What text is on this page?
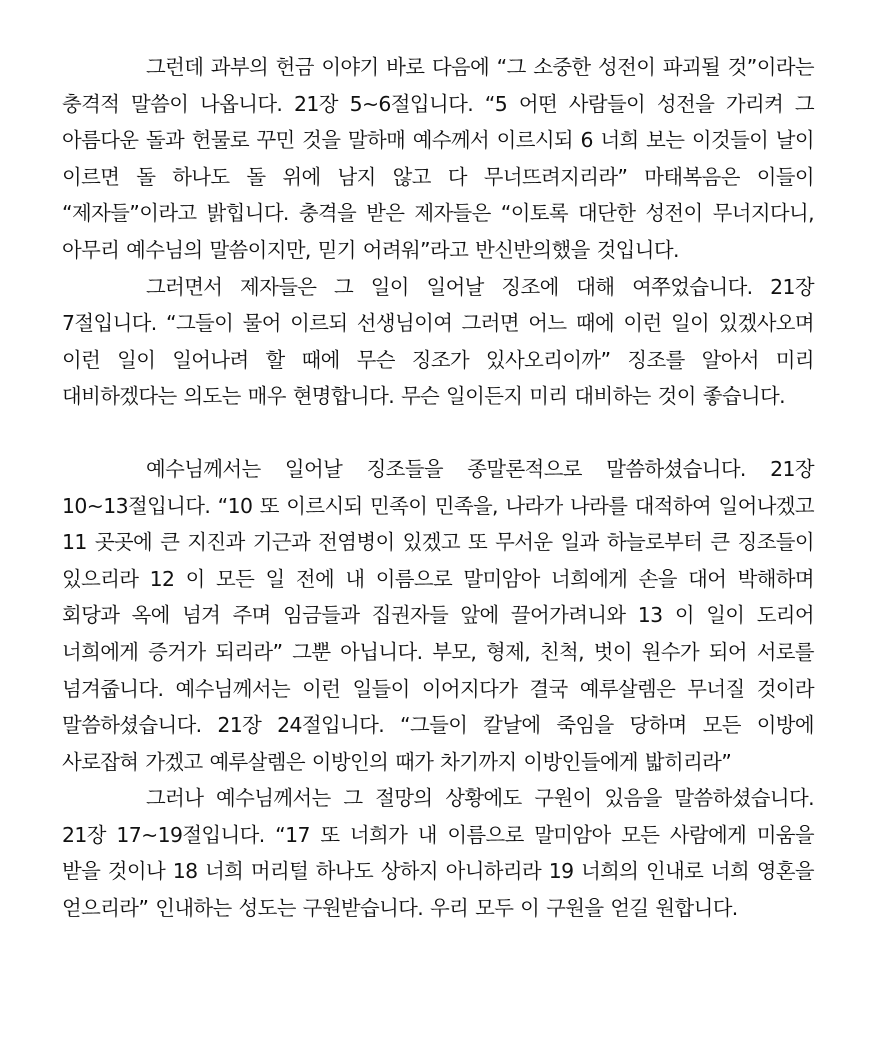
그런데 과부의 헌금 이야기 바로 다음에 “그 소중한 성전이 파괴될 것”이라는 충격적 말씀이 나옵니다. 21장 5~6절입니다. “5 어떤 사람들이 성전을 가리켜 그 아름다운 돌과 헌물로 꾸민 것을 말하매 예수께서 이르시되 6 너희 보는 이것들이 날이 이르면 돌 하나도 돌 위에 남지 않고 다 무너뜨려지리라” 마태복음은 이들이 “제자들”이라고 밝힙니다. 충격을 받은 제자들은 “이토록 대단한 성전이 무너지다니, 아무리 예수님의 말씀이지만, 믿기 어려워”라고 반신반의했을 것입니다.

그러면서 제자들은 그 일이 일어날 징조에 대해 여쭈었습니다. 21장 7절입니다. “그들이 물어 이르되 선생님이여 그러면 어느 때에 이런 일이 있겠사오며 이런 일이 일어나려 할 때에 무슨 징조가 있사오리이까” 징조를 알아서 미리 대비하겠다는 의도는 매우 현명합니다. 무슨 일이든지 미리 대비하는 것이 좋습니다.

예수님께서는 일어날 징조들을 종말론적으로 말씀하셨습니다. 21장 10~13절입니다. “10 또 이르시되 민족이 민족을, 나라가 나라를 대적하여 일어나겠고 11 곳곳에 큰 지진과 기근과 전염병이 있겠고 또 무서운 일과 하늘로부터 큰 징조들이 있으리라 12 이 모든 일 전에 내 이름으로 말미암아 너희에게 손을 대어 박해하며 회당과 옥에 넘겨 주며 임금들과 집권자들 앞에 끌어가려니와 13 이 일이 도리어 너희에게 증거가 되리라” 그뿐 아닙니다. 부모, 형제, 친척, 벗이 원수가 되어 서로를 넘겨줍니다. 예수님께서는 이런 일들이 이어지다가 결국 예루살렘은 무너질 것이라 말씀하셨습니다. 21장 24절입니다. “그들이 칼날에 죽임을 당하며 모든 이방에 사로잡혀 가겠고 예루살렘은 이방인의 때가 차기까지 이방인들에게 밟히리라”

그러나 예수님께서는 그 절망의 상황에도 구원이 있음을 말씀하셨습니다. 21장 17~19절입니다. “17 또 너희가 내 이름으로 말미암아 모든 사람에게 미움을 받을 것이나 18 너희 머리털 하나도 상하지 아니하리라 19 너희의 인내로 너희 영혼을 얻으리라” 인내하는 성도는 구원받습니다. 우리 모두 이 구원을 얻길 원합니다.
